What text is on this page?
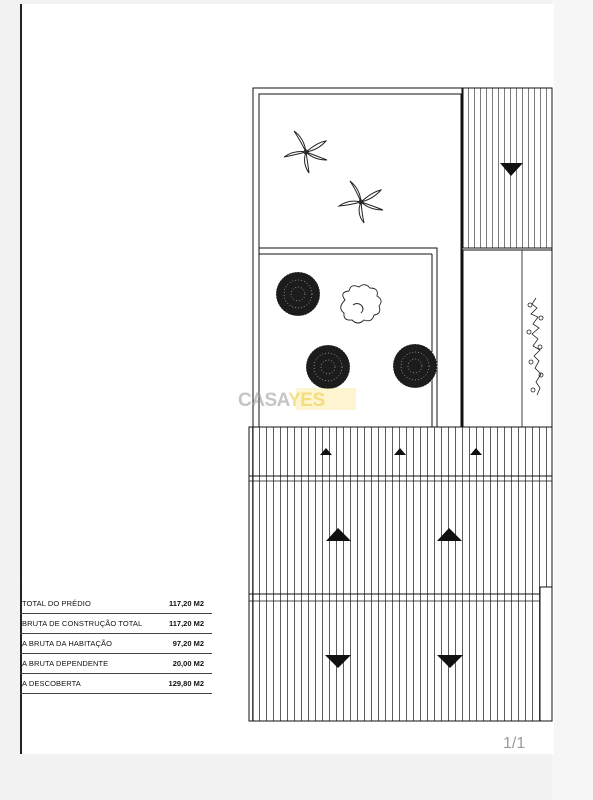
CASAYES
º
TOTAL DO PRÉDIO	117,20 M2
BRUTA DE CONSTRUÇÃO TOTAL	117,20 M2
A BRUTA DA HABITAÇÃO	97,20 M2
A BRUTA DEPENDENTE	20,00 M2
A DESCOBERTA	129,80 M2
1/1
